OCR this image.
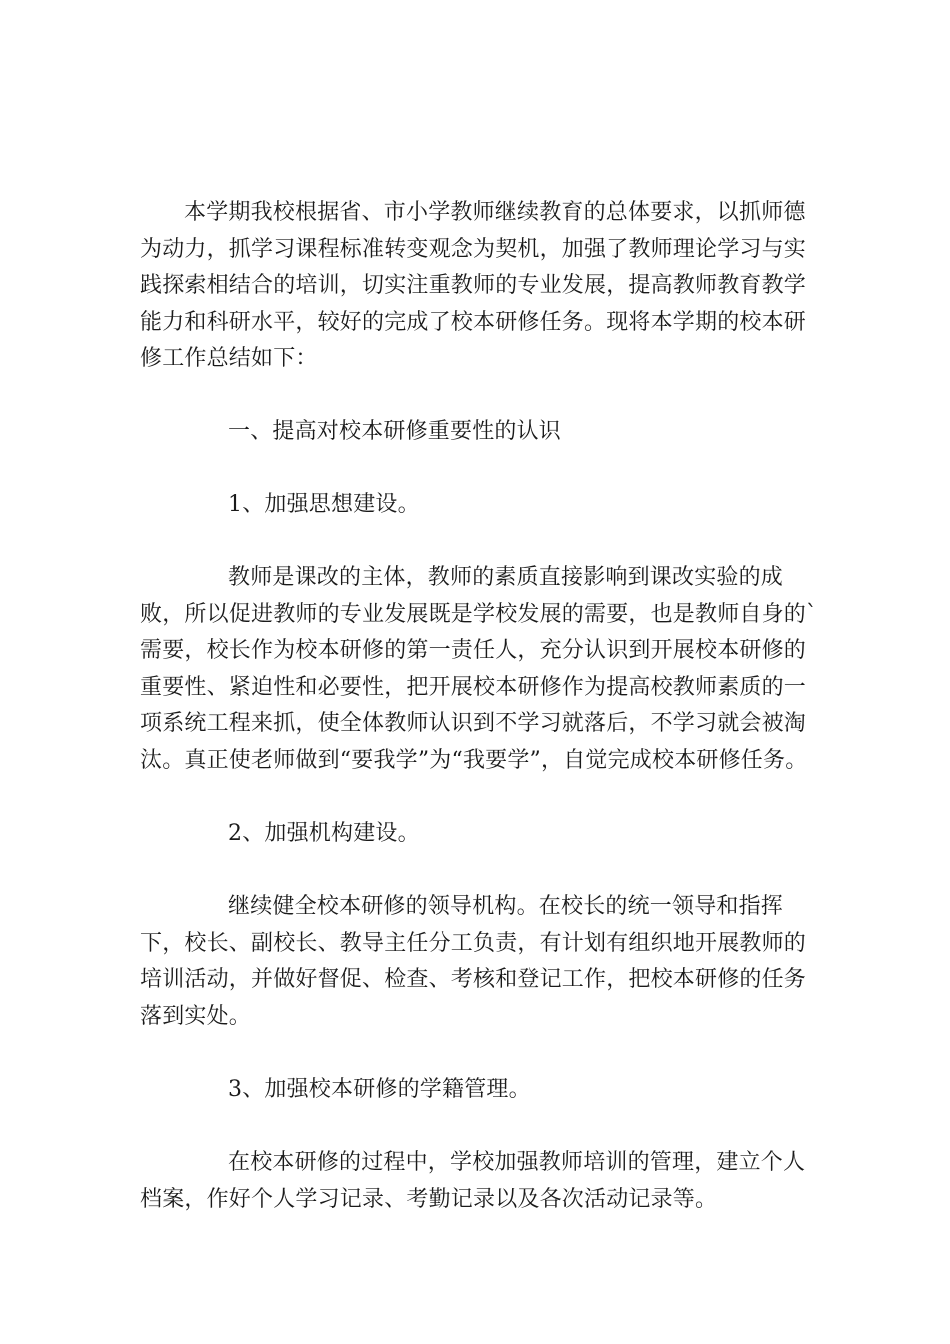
本学期我校根据省、市小学教师继续教育的总体要求，以抓师德为动力，抓学习课程标准转变观念为契机，加强了教师理论学习与实践探索相结合的培训，切实注重教师的专业发展，提高教师教育教学能力和科研水平，较好的完成了校本研修任务。现将本学期的校本研修工作总结如下：

一、提高对校本研修重要性的认识

1、加强思想建设。

教师是课改的主体，教师的素质直接影响到课改实验的成败，所以促进教师的专业发展既是学校发展的需要，也是教师自身的`需要，校长作为校本研修的第一责任人，充分认识到开展校本研修的重要性、紧迫性和必要性，把开展校本研修作为提高校教师素质的一项系统工程来抓，使全体教师认识到不学习就落后，不学习就会被淘汰。真正使老师做到“要我学”为“我要学”，自觉完成校本研修任务。

2、加强机构建设。

继续健全校本研修的领导机构。在校长的统一领导和指挥下，校长、副校长、教导主任分工负责，有计划有组织地开展教师的培训活动，并做好督促、检查、考核和登记工作，把校本研修的任务落到实处。

3、加强校本研修的学籍管理。

在校本研修的过程中，学校加强教师培训的管理，建立个人档案，作好个人学习记录、考勤记录以及各次活动记录等。
